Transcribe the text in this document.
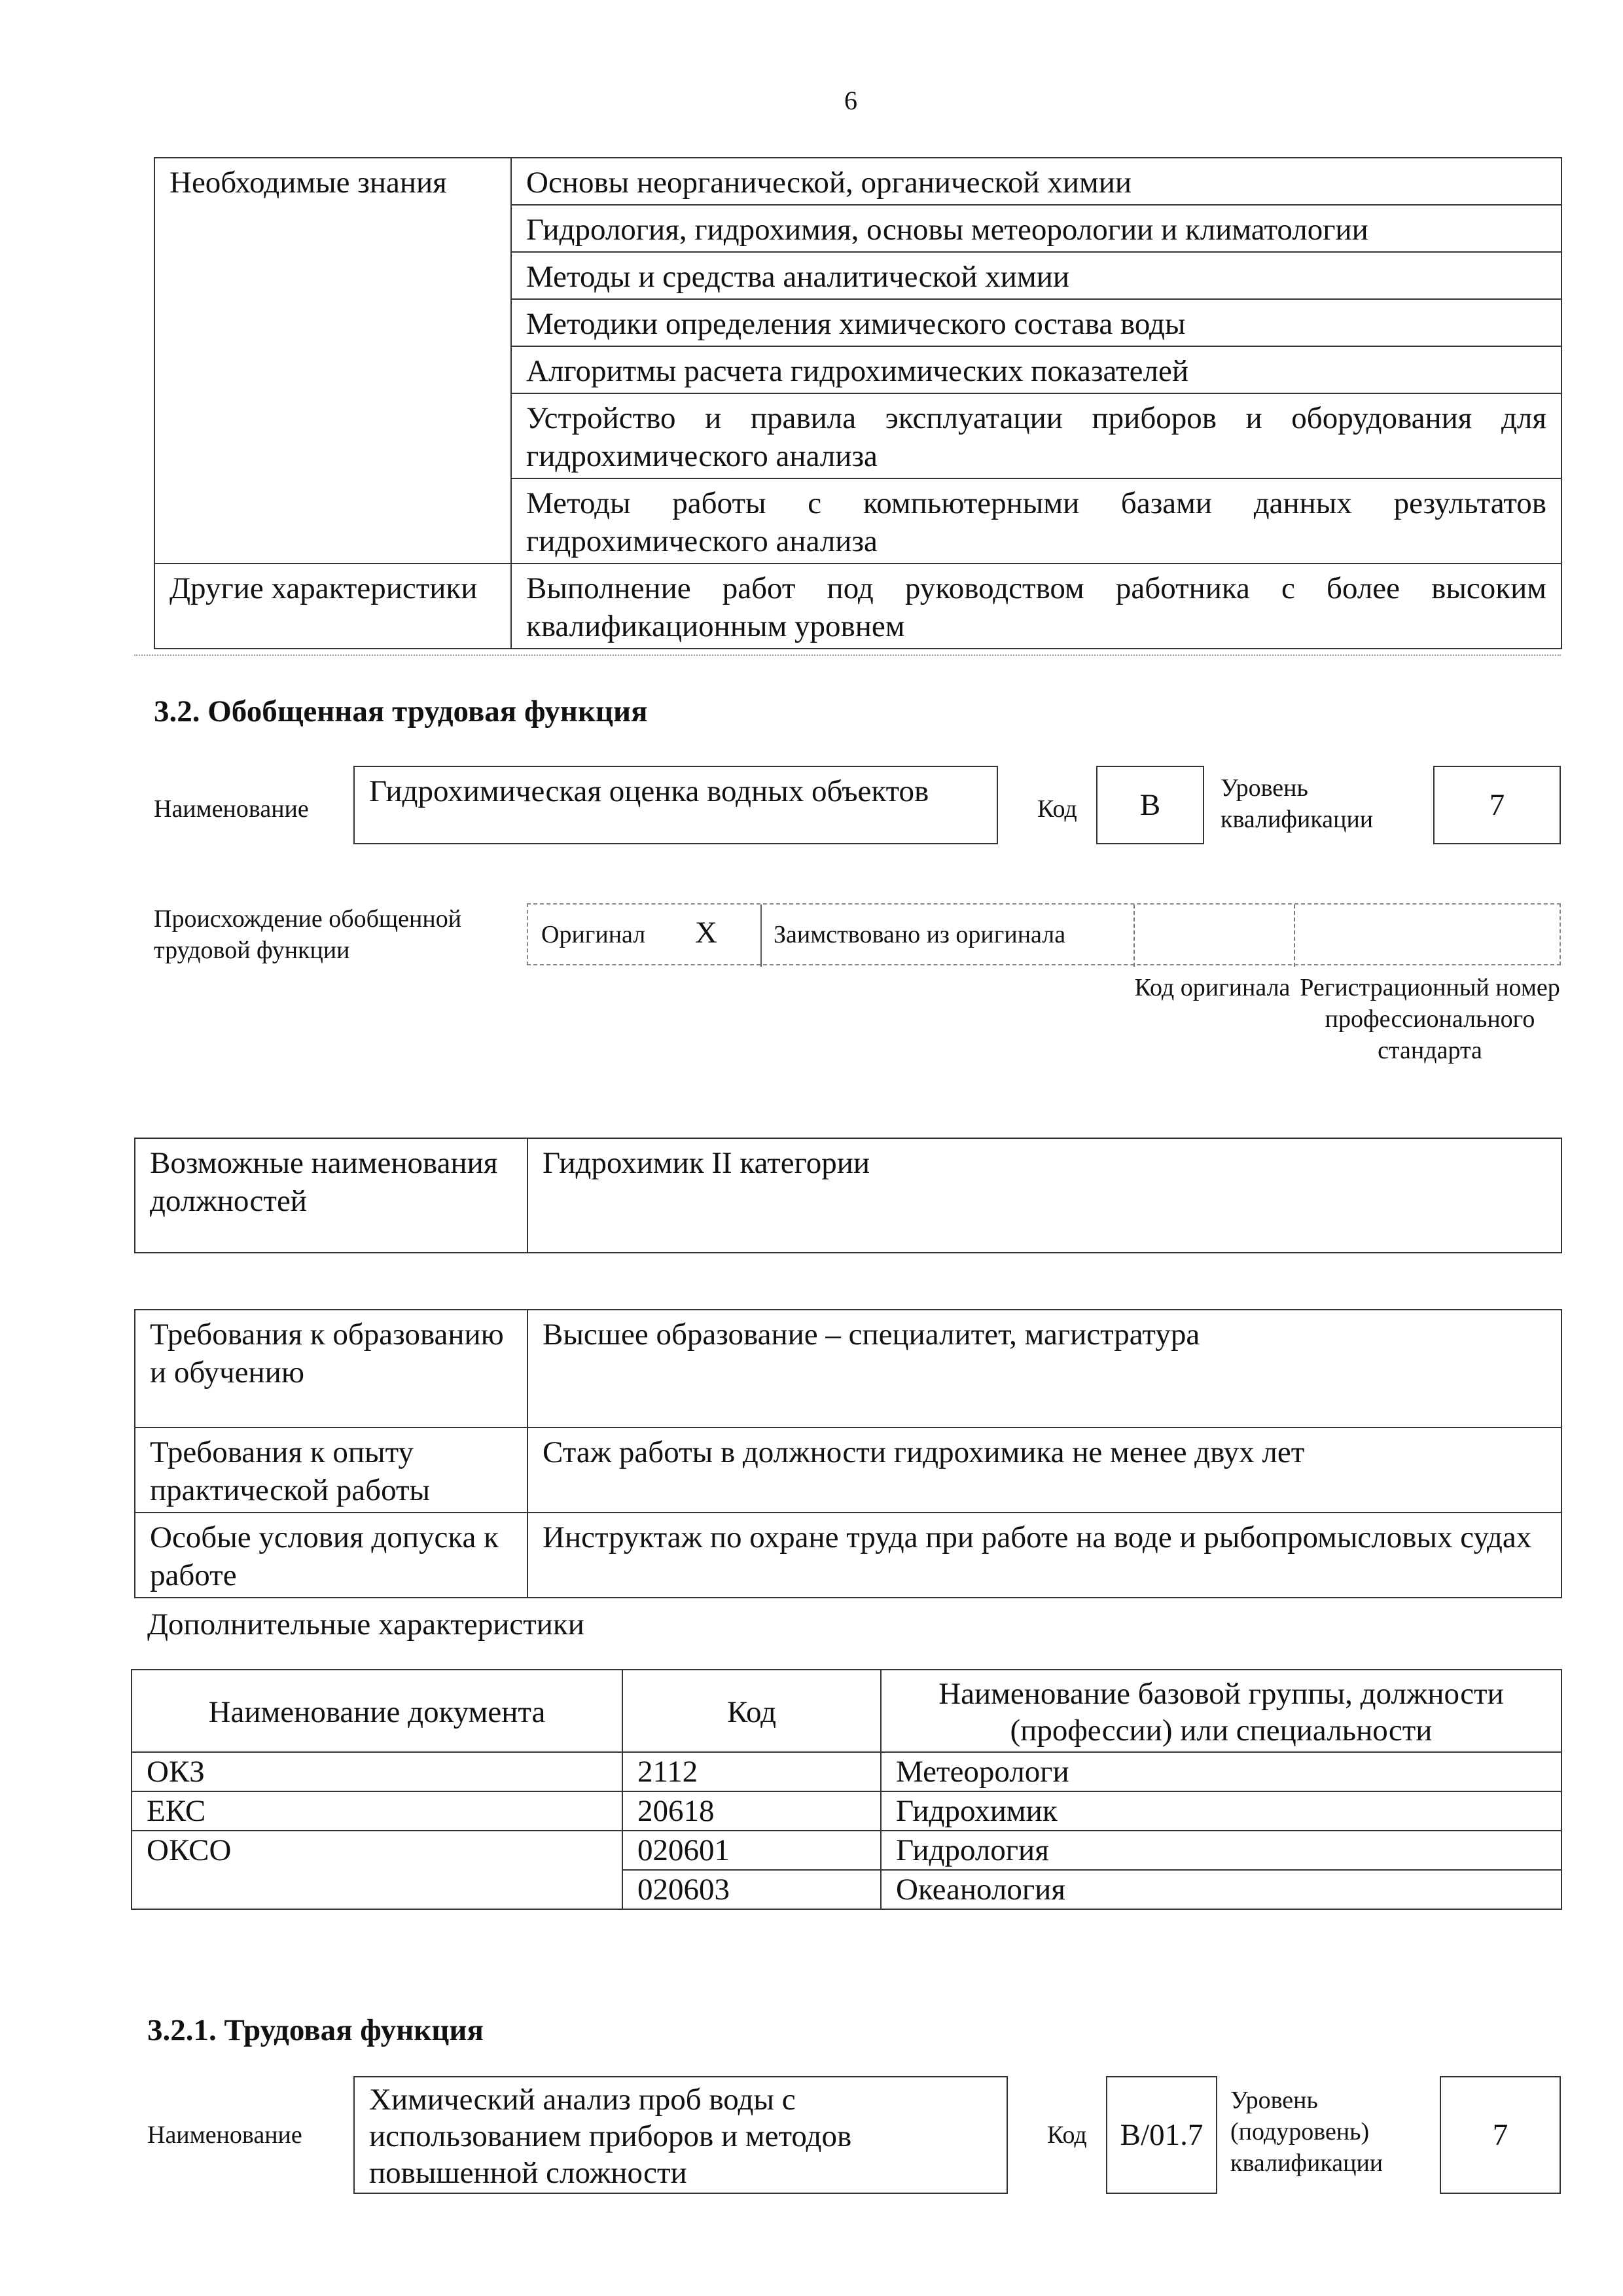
6
Необходимые знания	Основы неорганической, органической химии
	Гидрология, гидрохимия, основы метеорологии и климатологии
	Методы и средства аналитической химии
	Методики определения химического состава воды
	Алгоритмы расчета гидрохимических показателей
	Устройство и правила эксплуатации приборов и оборудования для гидрохимического анализа
	Методы работы с компьютерными базами данных результатов гидрохимического анализа
Другие характеристики	Выполнение работ под руководством работника с более высоким квалификационным уровнем
3.2. Обобщенная трудовая функция
Наименование
Гидрохимическая оценка водных объектов
Код	B	Уровень квалификации	7
Происхождение обобщенной трудовой функции
Оригинал X Заимствовано из оригинала
Код оригинала Регистрационный номер профессионального стандарта
Возможные наименования должностей	Гидрохимик II категории
Требования к образованию и обучению	Высшее образование – специалитет, магистратура
Требования к опыту практической работы	Стаж работы в должности гидрохимика не менее двух лет
Особые условия допуска к работе	Инструктаж по охране труда при работе на воде и рыбопромысловых судах
Дополнительные характеристики
Наименование документа	Код	Наименование базовой группы, должности (профессии) или специальности
ОКЗ	2112	Метеорологи
ЕКС	20618	Гидрохимик
ОКСО	020601	Гидрология
	020603	Океанология
3.2.1. Трудовая функция
Наименование
Химический анализ проб воды с использованием приборов и методов повышенной сложности
Код	B/01.7
Уровень (подуровень) квалификации
7
